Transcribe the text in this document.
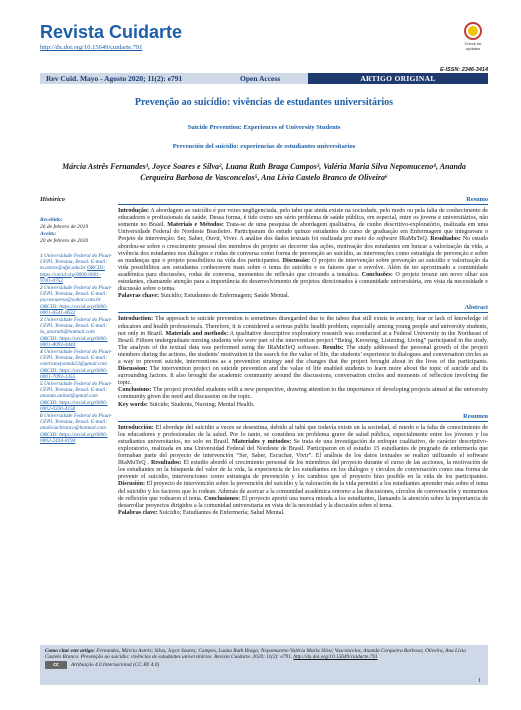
Revista Cuidarte
http://dx.doi.org/10.15649/cuidarte.791
Check for updates
E-ISSN: 2346-3414
Rev Cuid. Mayo - Agosto 2020; 11(2): e791	Open Access	ARTIGO ORIGINAL
Prevenção ao suicídio: vivências de estudantes universitários
Suicide Prevention: Experiences of University Students
Prevención del suicidio: experiencias de estudiantes universitarios
Márcia Astrês Fernandes¹, Joyce Soares e Silva², Luana Ruth Braga Campos³, Valéria Maria Silva Nepomuceno⁴, Ananda Cerqueira Barbosa de Vasconcelos⁵, Ana Lívia Castelo Branco de Oliveira⁶
Histórico
Recebido:
26 de febrero de 2019
Aceito:
20 de febrero de 2020
1 Universidade Federal do Piauí-UFPI. Teresina, Brasil. E-mail: m.astres@ufpi.edu.br ORCID: https://orcid.org/0000-0001-9781-0752
2 Universidade Federal do Piauí-UFPI. Teresina, Brasil. E-mail: joycesoaress@yahoo.com.br ORCID: https://orcid.org/0000-0001-6541-0632
3 Universidade Federal do Piauí-UFPI. Teresina, Brasil. E-mail: lu_anaruth@hotmail.com ORCID: https://orcid.org/0000-0001-8093-0444
4 Universidade Federal do Piauí-UFPI. Teresina, Brasil. E-mail: valerianepomu623@gmail.com ORCID: https://orcid.org/0000-0001-7093-1355
5 Universidade Federal do Piauí-UFPI. Teresina, Brasil. E-mail: ananda.anibal@gmail.com ORCID: https://orcid.org/0000-0002-0330-4158
6 Universidade Federal do Piauí-UFPI. Teresina, Brasil. E-mail: analiviacbranco@hotmail.com ORCID: https://orcid.org/0000-0002-2434-0194
Resumo

Introdução: A abordagem ao suicídio é por vezes negligenciada, pelo tabu que ainda existe na sociedade, pelo medo ou pela falta de conhecimento de educadores e profissionais da saúde. Dessa forma, é tido como um sério problema de saúde pública, em especial, entre os jovens e universitários, não somente no Brasil. Materiais e Métodos: Trata-se de uma pesquisa de abordagem qualitativa, de cunho descritivo-exploratório, realizada em uma Universidade Federal do Nordeste Brasileiro. Participaram do estudo quinze estudantes do curso de graduação em Enfermagem que integravam o Projeto de intervenção: Ser, Saber, Ouvir, Viver. A análise dos dados textuais foi realizada por meio do software IRaMuTeQ. Resultados: No estudo abordou-se sobre o crescimento pessoal dos membros do projeto ao decorrer das ações, motivação dos estudantes em buscar a valorização da vida, a vivência dos estudantes nos diálogos e rodas de conversa como forma de prevenção ao suicídio, as intervenções como estratégia de prevenção e sobre as mudanças que o projeto possibilitou na vida dos participantes. Discussão: O projeto de intervenção sobre prevenção ao suicídio e valorização da vida possibilitou aos estudantes conhecerem mais sobre o tema do suicídio e os fatores que o envolve. Além de ter aproximado a comunidade acadêmica para discussões, rodas de conversa, momentos de reflexão que circundo a temática. Conclusões: O projeto trouxe um novo olhar aos estudantes, chamando atenção para a importância do desenvolvimento de projetos direcionados à comunidade universitária, em vista da necessidade e discussão sobre o tema.

Palavras chave: Suicídio; Estudantes de Enfermagem; Saúde Mental.

Abstract

Introduction: The approach to suicide prevention is sometimes disregarded due to the taboo that still exists in society, fear or lack of knowledge of educators and health professionals. Therefore, it is considered a serious public health problem, especially among young people and university students, not only in Brazil. Materials and methods: A qualitative descriptive exploratory research was conducted at a Federal University in the Northeast of Brazil. Fifteen undergraduate nursing students who were part of the intervention project “Being, Knowing, Listening, Living” participated in the study. The analysis of the textual data was performed using the IRaMuTeQ software. Results: The study addressed the personal growth of the project members during the actions, the students’ motivation in the search for the value of life, the students’ experience in dialogues and conversation circles as a way to prevent suicide, interventions as a prevention strategy and the changes that the project brought about in the lives of the participants. Discussion: The intervention project on suicide prevention and the value of life enabled students to learn more about the topic of suicide and its surrounding factors. It also brought the academic community around the discussions, conversation circles and moments of reflection involving the topic.

Conclusions: The project provided students with a new perspective, drawing attention to the importance of developing projects aimed at the university community given the need and discussion on the topic.

Key words: Suicide; Students, Nursing; Mental Health.

Resumen

Introducción: El abordaje del suicidio a veces se desestima, debido al tabú que todavía existe en la sociedad, el miedo o la falta de conocimiento de los educadores y profesionales de la salud. Por lo tanto, se considera un problema grave de salud pública, especialmente entre los jóvenes y los estudiantes universitarios, no solo en Brasil. Materiales y métodos: Se trata de una investigación de enfoque cualitativo, de carácter descriptivo-exploratorio, realizada en una Universidad Federal del Nordeste de Brasil. Participaron en el estudio 15 estudiantes de pregrado de enfermería que formaban parte del proyecto de intervención “Ser, Saber, Escuchar, Vivir”. El análisis de los datos textuales se realizó utilizando el software IRaMuTeQ . Resultados: El estudio abordó el crecimiento personal de los miembros del proyecto durante el curso de las acciones, la motivación de los estudiantes en la búsqueda del valor de la vida, la experiencia de los estudiantes en los diálogos y círculos de conversación como una forma de prevenir el suicidio, intervenciones como estrategia de prevención y los cambios que el proyecto hizo posible en la vida de los participantes. Discusión: El proyecto de intervención sobre la prevención del suicidio y la valoración de la vida permitió a los estudiantes aprender más sobre el tema del suicidio y los factores que lo rodean. Además de acercar a la comunidad académica entorno a las discusiones, círculos de conversación y momentos de reflexión que rodearon el tema. Conclusiones: El proyecto aportó una nueva mirada a los estudiantes, llamando la atención sobre la importancia de desarrollar proyectos dirigidos a la comunidad universitaria en vista de la necesidad y la discusión sobre el tema.

Palabras clave: Suicidio; Estudiantes de Enfermería; Salud Mental.

Como citar este artigo: Fernandes, Márcia Astrês; Silva, Joyce Soares; Campos, Luana Ruth Braga; Nepomuceno Valéria Maria Silva; Vasconcelos, Ananda Cerqueira Barbosa; Oliveira, Ana Lívia Castelo Branco. Prevenção ao suicídio: vivências de estudantes universitários. Revista Cuidarte. 2020; 11(2): e791. http://dx.doi.org/10.15649/cuidarte.791
cc	Atribuição 4.0 Internacional (CC BY 4.0)
1
